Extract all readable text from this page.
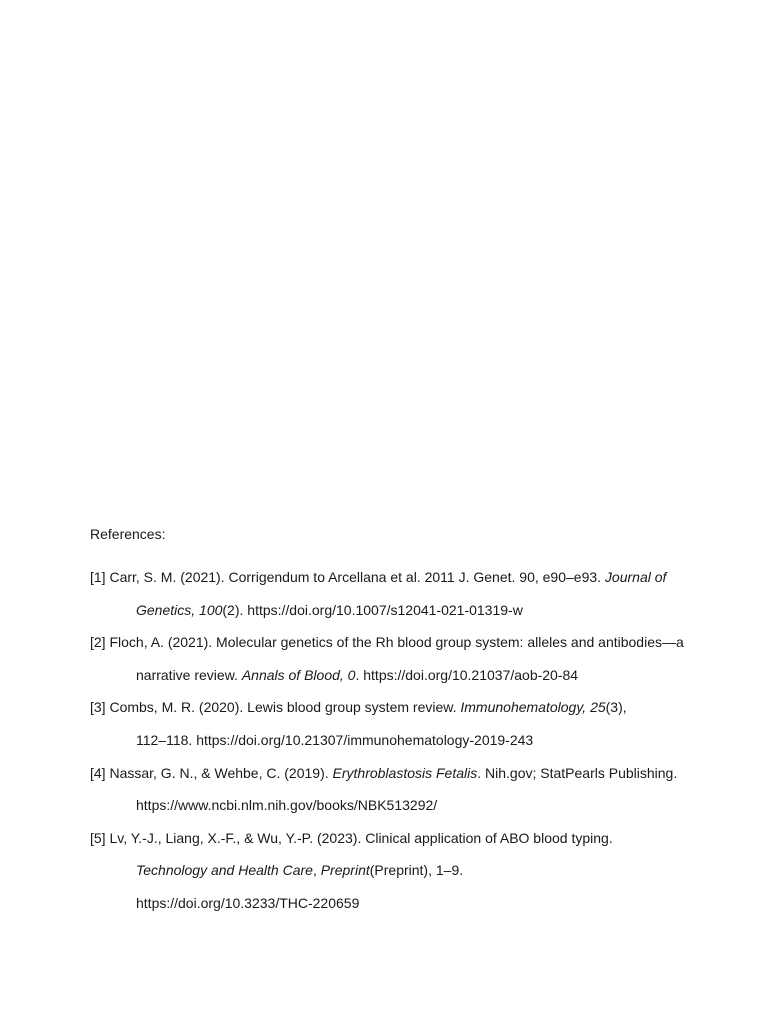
References:

[1] Carr, S. M. (2021). Corrigendum to Arcellana et al. 2011 J. Genet. 90, e90–e93. Journal of
Genetics, 100(2). https://doi.org/10.1007/s12041-021-01319-w
[2] Floch, A. (2021). Molecular genetics of the Rh blood group system: alleles and antibodies—a
narrative review. Annals of Blood, 0. https://doi.org/10.21037/aob-20-84
[3] Combs, M. R. (2020). Lewis blood group system review. Immunohematology, 25(3),
112–118. https://doi.org/10.21307/immunohematology-2019-243
[4] Nassar, G. N., & Wehbe, C. (2019). Erythroblastosis Fetalis. Nih.gov; StatPearls Publishing.
https://www.ncbi.nlm.nih.gov/books/NBK513292/
[5] Lv, Y.-J., Liang, X.-F., & Wu, Y.-P. (2023). Clinical application of ABO blood typing.
Technology and Health Care, Preprint(Preprint), 1–9.
https://doi.org/10.3233/THC-220659
